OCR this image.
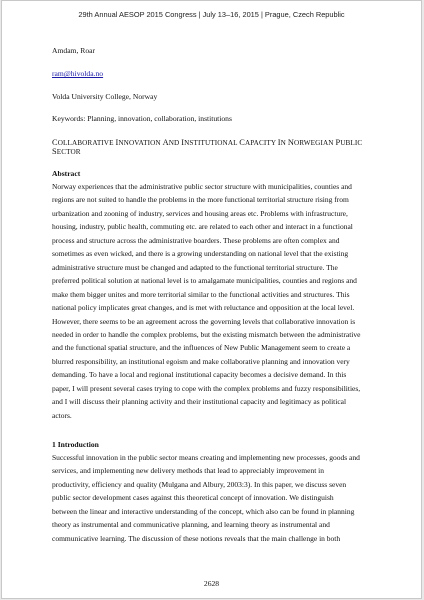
29th Annual AESOP 2015 Congress | July 13–16, 2015 | Prague, Czech Republic
Amdam, Roar
ram@hivolda.no
Volda University College, Norway
Keywords: Planning, innovation, collaboration, institutions
COLLABORATIVE INNOVATION AND INSTITUTIONAL CAPACITY IN NORWEGIAN PUBLIC SECTOR
Abstract
Norway experiences that the administrative public sector structure with municipalities, counties and
regions are not suited to handle the problems in the more functional territorial structure rising from
urbanization and zooning of industry, services and housing areas etc. Problems with infrastructure,
housing, industry, public health, commuting etc. are related to each other and interact in a functional
process and structure across the administrative boarders. These problems are often complex and
sometimes as even wicked, and there is a growing understanding on national level that the existing
administrative structure must be changed and adapted to the functional territorial structure. The
preferred political solution at national level is to amalgamate municipalities, counties and regions and
make them bigger unites and more territorial similar to the functional activities and structures. This
national policy implicates great changes, and is met with reluctance and opposition at the local level.
However, there seems to be an agreement across the governing levels that collaborative innovation is
needed in order to handle the complex problems, but the existing mismatch between the administrative
and the functional spatial structure, and the influences of New Public Management seem to create a
blurred responsibility, an institutional egoism and make collaborative planning and innovation very
demanding. To have a local and regional institutional capacity becomes a decisive demand. In this
paper, I will present several cases trying to cope with the complex problems and fuzzy responsibilities,
and I will discuss their planning activity and their institutional capacity and legitimacy as political
actors.
1 Introduction
Successful innovation in the public sector means creating and implementing new processes, goods and
services, and implementing new delivery methods that lead to appreciably improvement in
productivity, efficiency and quality (Mulgana and Albury, 2003:3). In this paper, we discuss seven
public sector development cases against this theoretical concept of innovation. We distinguish
between the linear and interactive understanding of the concept, which also can be found in planning
theory as instrumental and communicative planning, and learning theory as instrumental and
communicative learning. The discussion of these notions reveals that the main challenge in both
2628
